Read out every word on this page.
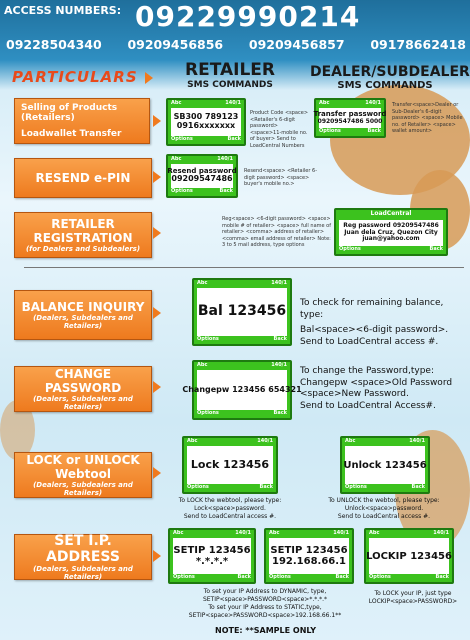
ACCESS NUMBERS: 09229990214
09228504340 09209456856 09209456857 09178662418
PARTICULARS	RETAILER
SMS COMMANDS
DEALER/SUBDEALER
SMS COMMANDS
Selling of Products (Retailers)
Loadwallet Transfer
Abc	140/1
SB300 789123
0916xxxxxxx
Options	Back
Product Code <space> <Retailer's 6-digit password> <space>11-mobile no. of buyer> Send to LoadCentral Numbers
Abc	140/1
Transfer password
09209547486 5000
Options	Back
Transfer<space>Dealer or Sub-Dealer's 6-digit password> <space> Mobile no. of Retailer> <space> wallet amount>
RESEND e-PIN
Abc	140/1
Resend password
09209547486
Options	Back
Resend<space> <Retailer 6-digit password> <space> buyer's mobile no.>
RETAILER REGISTRATION
(for Dealers and Subdealers)
Reg<space> <6-digit password> <space> mobile # of retailer> <space> full name of retailer> <comma> address of retailer> <comma> email address of retailer> Note: 3 to 5 mail address, type options
LoadCentral
Reg password 09209547486
Juan dela Cruz, Quezon City
juan@yahoo.com
Options	Back
BALANCE INQUIRY
(Dealers, Subdealers and Retailers)
Abc	140/1
Bal 123456
Options	Back
To check for remaining balance, type:
Bal<space><6-digit password>.
Send to LoadCentral access #.
CHANGE PASSWORD
(Dealers, Subdealers and Retailers)
Abc	140/1
Changepw 123456 654321
Options	Back
To change the Password,type:
Changepw <space>Old Password
<space>New Password.
Send to LoadCentral Access#.
LOCK or UNLOCK Webtool
(Dealers, Subdealers and Retailers)
Abc	140/1
Lock 123456
Options	Back
Abc	140/1
Unlock 123456
Options	Back
To LOCK the webtool, please type:
Lock<space>password.
Send to LoadCentral access #.
To UNLOCK the webtool, please type:
Unlock<space>password.
Send to LoadCentral access #.
SET I.P. ADDRESS
(Dealers, Subdealers and Retailers)
Abc	140/1
SETIP 123456
*.*.*.*
Options	Back
Abc	140/1
SETIP 123456
192.168.66.1
Options	Back
Abc	140/1
LOCKIP 123456
Options	Back
To set your IP Address to DYNAMIC, type,
SETIP<space>PASSWORD<space>*.*.*.*
To set your IP Address to STATIC,type,
SETIP<space>PASSWORD<space>192.168.66.1**
To LOCK your IP, just type
LOCKIP<space>PASSWORD>
NOTE: **SAMPLE ONLY
